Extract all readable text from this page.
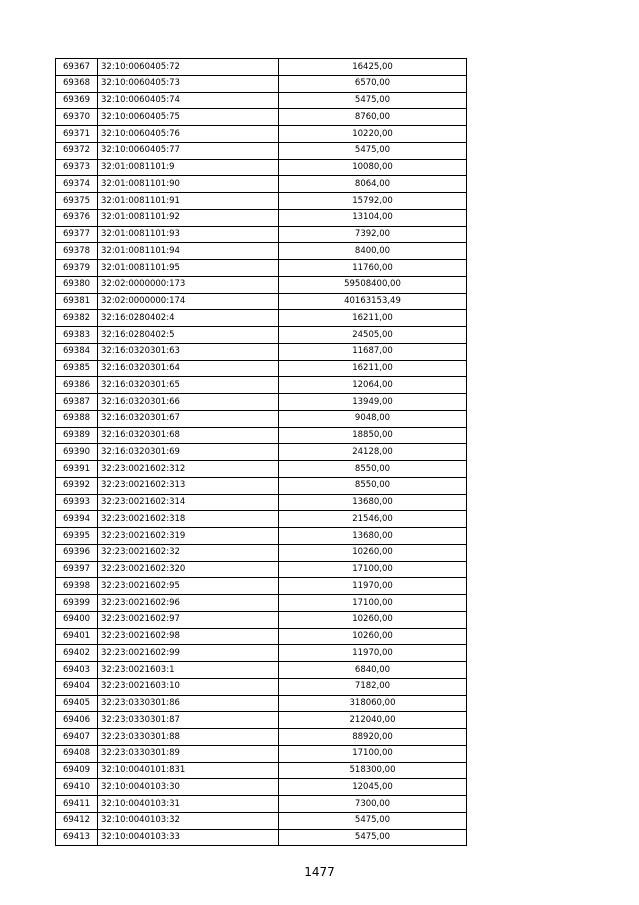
69367	32:10:0060405:72	16425,00
69368	32:10:0060405:73	6570,00
69369	32:10:0060405:74	5475,00
69370	32:10:0060405:75	8760,00
69371	32:10:0060405:76	10220,00
69372	32:10:0060405:77	5475,00
69373	32:01:0081101:9	10080,00
69374	32:01:0081101:90	8064,00
69375	32:01:0081101:91	15792,00
69376	32:01:0081101:92	13104,00
69377	32:01:0081101:93	7392,00
69378	32:01:0081101:94	8400,00
69379	32:01:0081101:95	11760,00
69380	32:02:0000000:173	59508400,00
69381	32:02:0000000:174	40163153,49
69382	32:16:0280402:4	16211,00
69383	32:16:0280402:5	24505,00
69384	32:16:0320301:63	11687,00
69385	32:16:0320301:64	16211,00
69386	32:16:0320301:65	12064,00
69387	32:16:0320301:66	13949,00
69388	32:16:0320301:67	9048,00
69389	32:16:0320301:68	18850,00
69390	32:16:0320301:69	24128,00
69391	32:23:0021602:312	8550,00
69392	32:23:0021602:313	8550,00
69393	32:23:0021602:314	13680,00
69394	32:23:0021602:318	21546,00
69395	32:23:0021602:319	13680,00
69396	32:23:0021602:32	10260,00
69397	32:23:0021602:320	17100,00
69398	32:23:0021602:95	11970,00
69399	32:23:0021602:96	17100,00
69400	32:23:0021602:97	10260,00
69401	32:23:0021602:98	10260,00
69402	32:23:0021602:99	11970,00
69403	32:23:0021603:1	6840,00
69404	32:23:0021603:10	7182,00
69405	32:23:0330301:86	318060,00
69406	32:23:0330301:87	212040,00
69407	32:23:0330301:88	88920,00
69408	32:23:0330301:89	17100,00
69409	32:10:0040101:831	518300,00
69410	32:10:0040103:30	12045,00
69411	32:10:0040103:31	7300,00
69412	32:10:0040103:32	5475,00
69413	32:10:0040103:33	5475,00
1477
